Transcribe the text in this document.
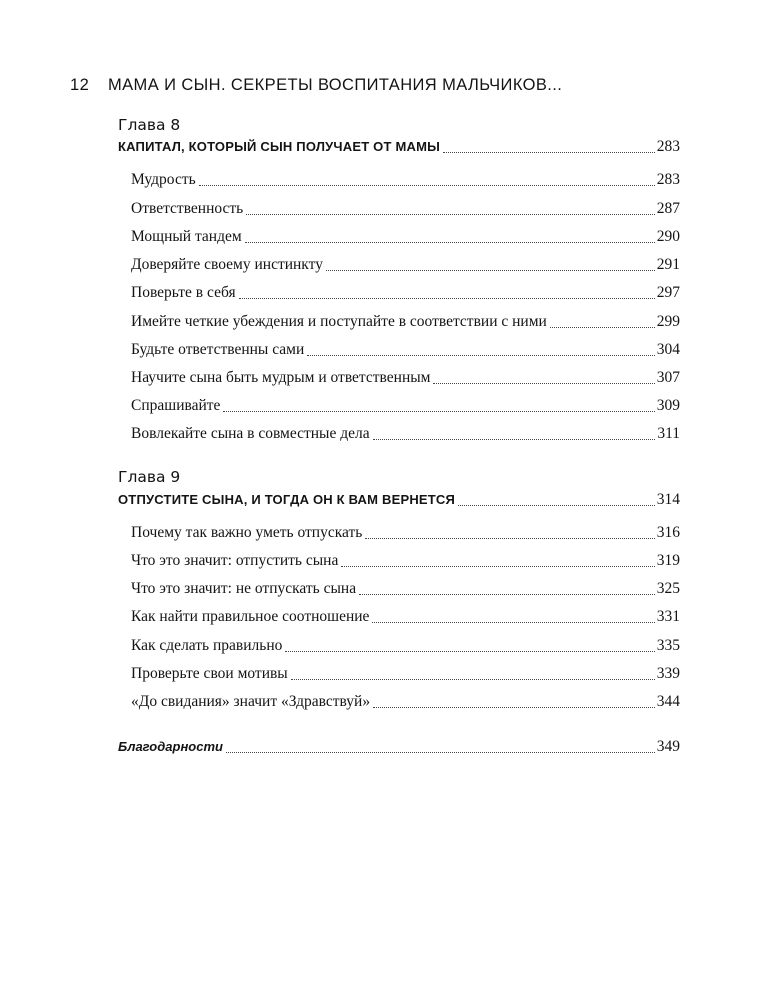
12 МАМА И СЫН. СЕКРЕТЫ ВОСПИТАНИЯ МАЛЬЧИКОВ...
Глава 8
КАПИТАЛ, КОТОРЫЙ СЫН ПОЛУЧАЕТ ОТ МАМЫ	283
Мудрость	283
Ответственность	287
Мощный тандем	290
Доверяйте своему инстинкту	291
Поверьте в себя	297
Имейте четкие убеждения и поступайте в соответствии с ними	299
Будьте ответственны сами	304
Научите сына быть мудрым и ответственным	307
Спрашивайте	309
Вовлекайте сына в совместные дела	311
Глава 9
ОТПУСТИТЕ СЫНА, И ТОГДА ОН К ВАМ ВЕРНЕТСЯ	314
Почему так важно уметь отпускать	316
Что это значит: отпустить сына	319
Что это значит: не отпускать сына	325
Как найти правильное соотношение	331
Как сделать правильно	335
Проверьте свои мотивы	339
«До свидания» значит «Здравствуй»	344
Благодарности	349
